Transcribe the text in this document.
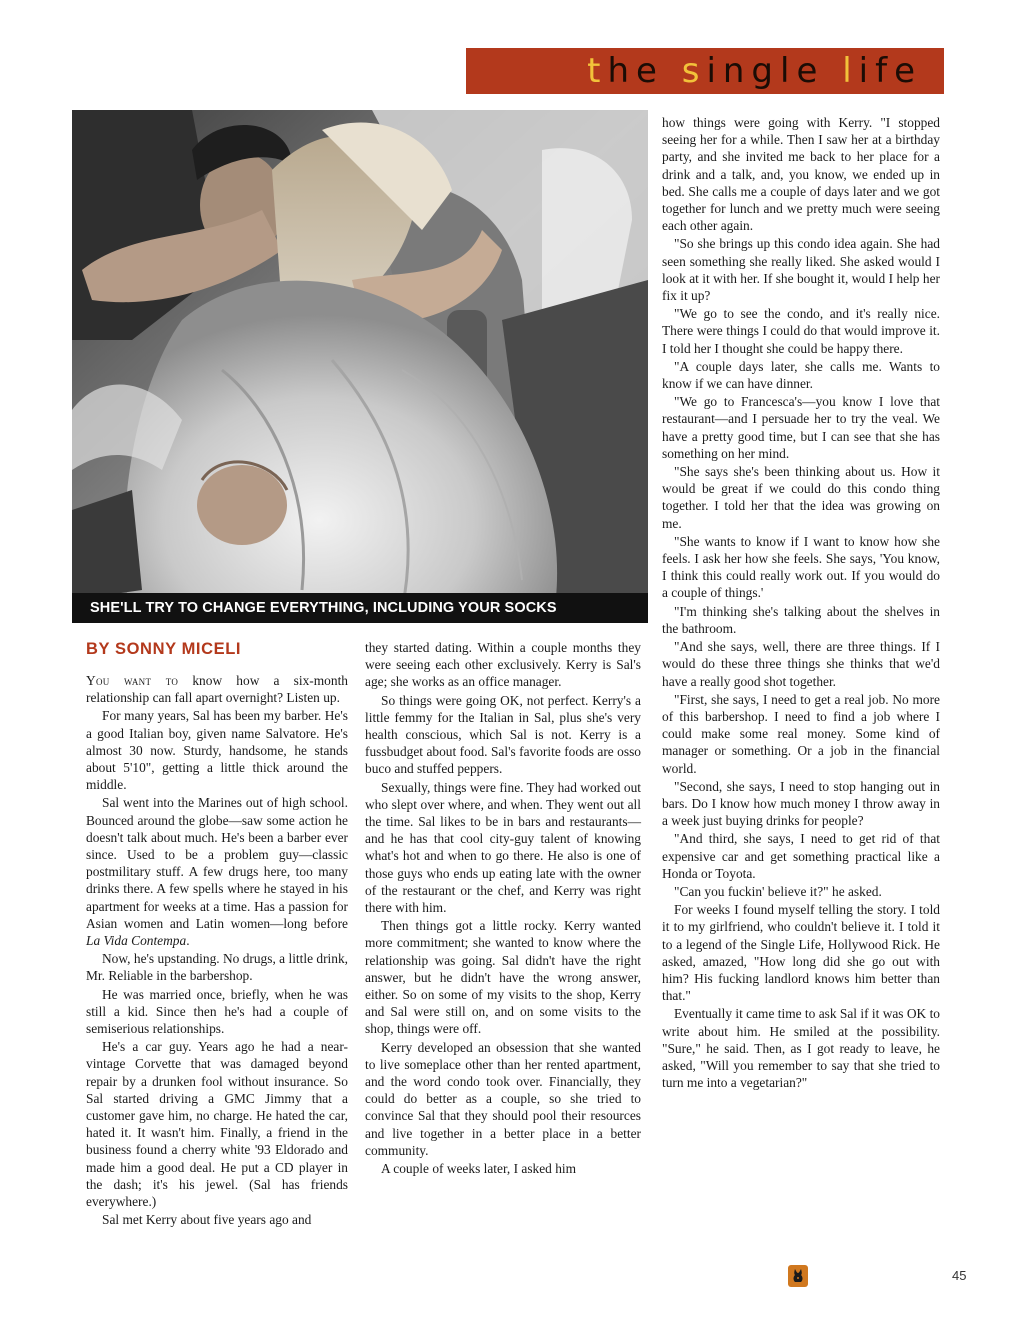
the single life
SHE'LL TRY TO CHANGE EVERYTHING, INCLUDING YOUR SOCKS
BY SONNY MICELI

You want to know how a six-month relationship can fall apart overnight? Listen up.

For many years, Sal has been my barber. He's a good Italian boy, given name Salvatore. He's almost 30 now. Sturdy, handsome, he stands about 5'10", getting a little thick around the middle.

Sal went into the Marines out of high school. Bounced around the globe—saw some action he doesn't talk about much. He's been a barber ever since. Used to be a problem guy—classic postmilitary stuff. A few drugs here, too many drinks there. A few spells where he stayed in his apartment for weeks at a time. Has a passion for Asian women and Latin women—long before La Vida Contempa.

Now, he's upstanding. No drugs, a little drink, Mr. Reliable in the barbershop.

He was married once, briefly, when he was still a kid. Since then he's had a couple of semiserious relationships.

He's a car guy. Years ago he had a near-vintage Corvette that was damaged beyond repair by a drunken fool without insurance. So Sal started driving a GMC Jimmy that a customer gave him, no charge. He hated the car, hated it. It wasn't him. Finally, a friend in the business found a cherry white '93 Eldorado and made him a good deal. He put a CD player in the dash; it's his jewel. (Sal has friends everywhere.)

Sal met Kerry about five years ago and

they started dating. Within a couple months they were seeing each other exclusively. Kerry is Sal's age; she works as an office manager.

So things were going OK, not perfect. Kerry's a little femmy for the Italian in Sal, plus she's very health conscious, which Sal is not. Kerry is a fussbudget about food. Sal's favorite foods are osso buco and stuffed peppers.

Sexually, things were fine. They had worked out who slept over where, and when. They went out all the time. Sal likes to be in bars and restaurants—and he has that cool city-guy talent of knowing what's hot and when to go there. He also is one of those guys who ends up eating late with the owner of the restaurant or the chef, and Kerry was right there with him.

Then things got a little rocky. Kerry wanted more commitment; she wanted to know where the relationship was going. Sal didn't have the right answer, but he didn't have the wrong answer, either. So on some of my visits to the shop, Kerry and Sal were still on, and on some visits to the shop, things were off.

Kerry developed an obsession that she wanted to live someplace other than her rented apartment, and the word condo took over. Financially, they could do better as a couple, so she tried to convince Sal that they should pool their resources and live together in a better place in a better community.

A couple of weeks later, I asked him

how things were going with Kerry. "I stopped seeing her for a while. Then I saw her at a birthday party, and she invited me back to her place for a drink and a talk, and, you know, we ended up in bed. She calls me a couple of days later and we got together for lunch and we pretty much were seeing each other again.

"So she brings up this condo idea again. She had seen something she really liked. She asked would I look at it with her. If she bought it, would I help her fix it up?

"We go to see the condo, and it's really nice. There were things I could do that would improve it. I told her I thought she could be happy there.

"A couple days later, she calls me. Wants to know if we can have dinner.

"We go to Francesca's—you know I love that restaurant—and I persuade her to try the veal. We have a pretty good time, but I can see that she has something on her mind.

"She says she's been thinking about us. How it would be great if we could do this condo thing together. I told her that the idea was growing on me.

"She wants to know if I want to know how she feels. I ask her how she feels. She says, 'You know, I think this could really work out. If you would do a couple of things.'

"I'm thinking she's talking about the shelves in the bathroom.

"And she says, well, there are three things. If I would do these three things she thinks that we'd have a really good shot together.

"First, she says, I need to get a real job. No more of this barbershop. I need to find a job where I could make some real money. Some kind of manager or something. Or a job in the financial world.

"Second, she says, I need to stop hanging out in bars. Do I know how much money I throw away in a week just buying drinks for people?

"And third, she says, I need to get rid of that expensive car and get something practical like a Honda or Toyota.

"Can you fuckin' believe it?" he asked.

For weeks I found myself telling the story. I told it to my girlfriend, who couldn't believe it. I told it to a legend of the Single Life, Hollywood Rick. He asked, amazed, "How long did she go out with him? His fucking landlord knows him better than that."

Eventually it came time to ask Sal if it was OK to write about him. He smiled at the possibility. "Sure," he said. Then, as I got ready to leave, he asked, "Will you remember to say that she tried to turn me into a vegetarian?"

45
